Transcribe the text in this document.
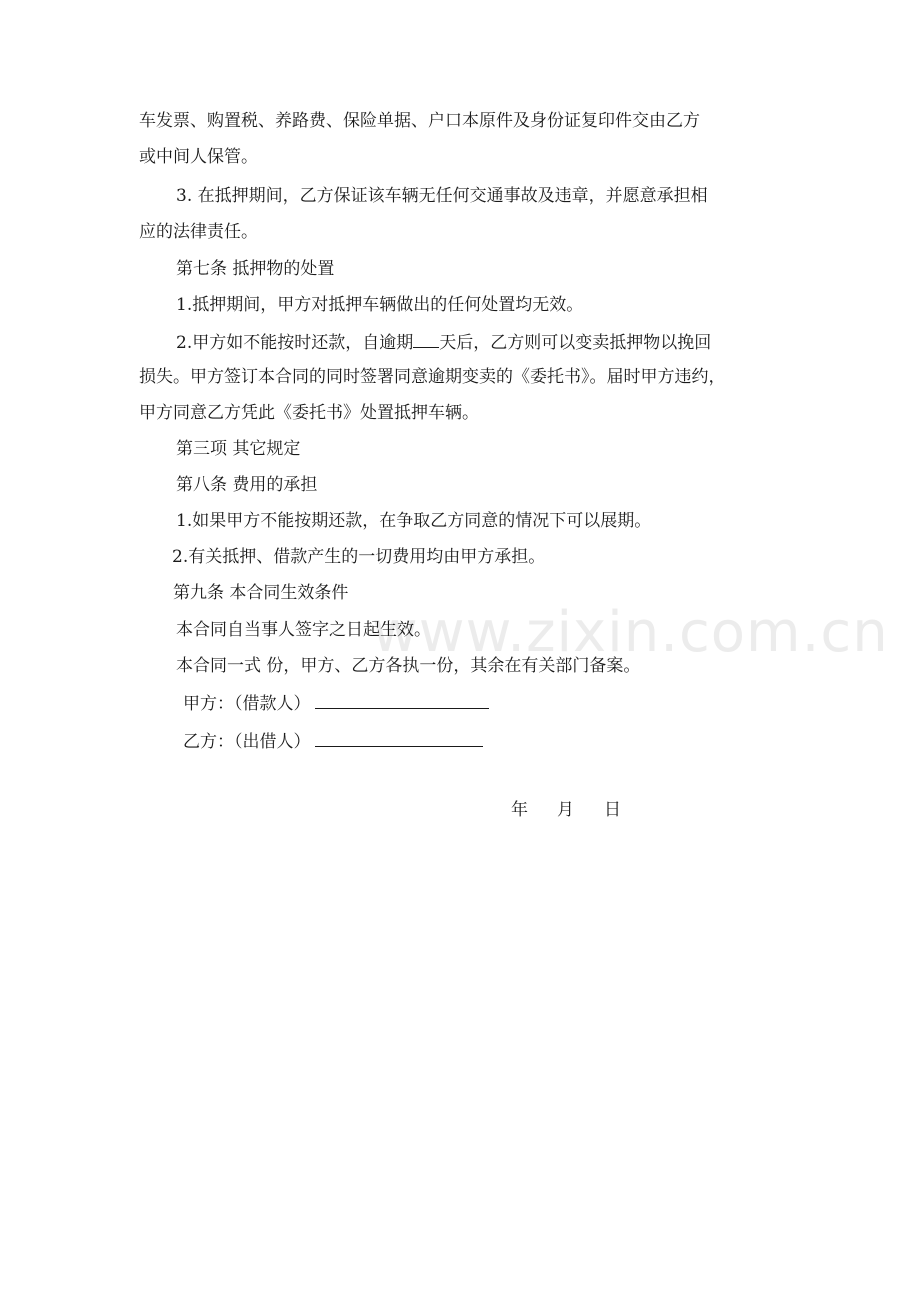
www.zixin.com.cn
车发票、购置税、养路费、保险单据、户口本原件及身份证复印件交由乙方
或中间人保管。
3. 在抵押期间，乙方保证该车辆无任何交通事故及违章，并愿意承担相
应的法律责任。
第七条 抵押物的处置
1.抵押期间，甲方对抵押车辆做出的任何处置均无效。
2.甲方如不能按时还款，自逾期 天后，乙方则可以变卖抵押物以挽回
损失。甲方签订本合同的同时签署同意逾期变卖的《委托书》。届时甲方违约，
甲方同意乙方凭此《委托书》处置抵押车辆。
第三项 其它规定
第八条 费用的承担
1.如果甲方不能按期还款，在争取乙方同意的情况下可以展期。
2.有关抵押、借款产生的一切费用均由甲方承担。
第九条 本合同生效条件
本合同自当事人签字之日起生效。
本合同一式 份，甲方、乙方各执一份，其余在有关部门备案。
甲方：（借款人）
乙方：（出借人）
年 月 日
